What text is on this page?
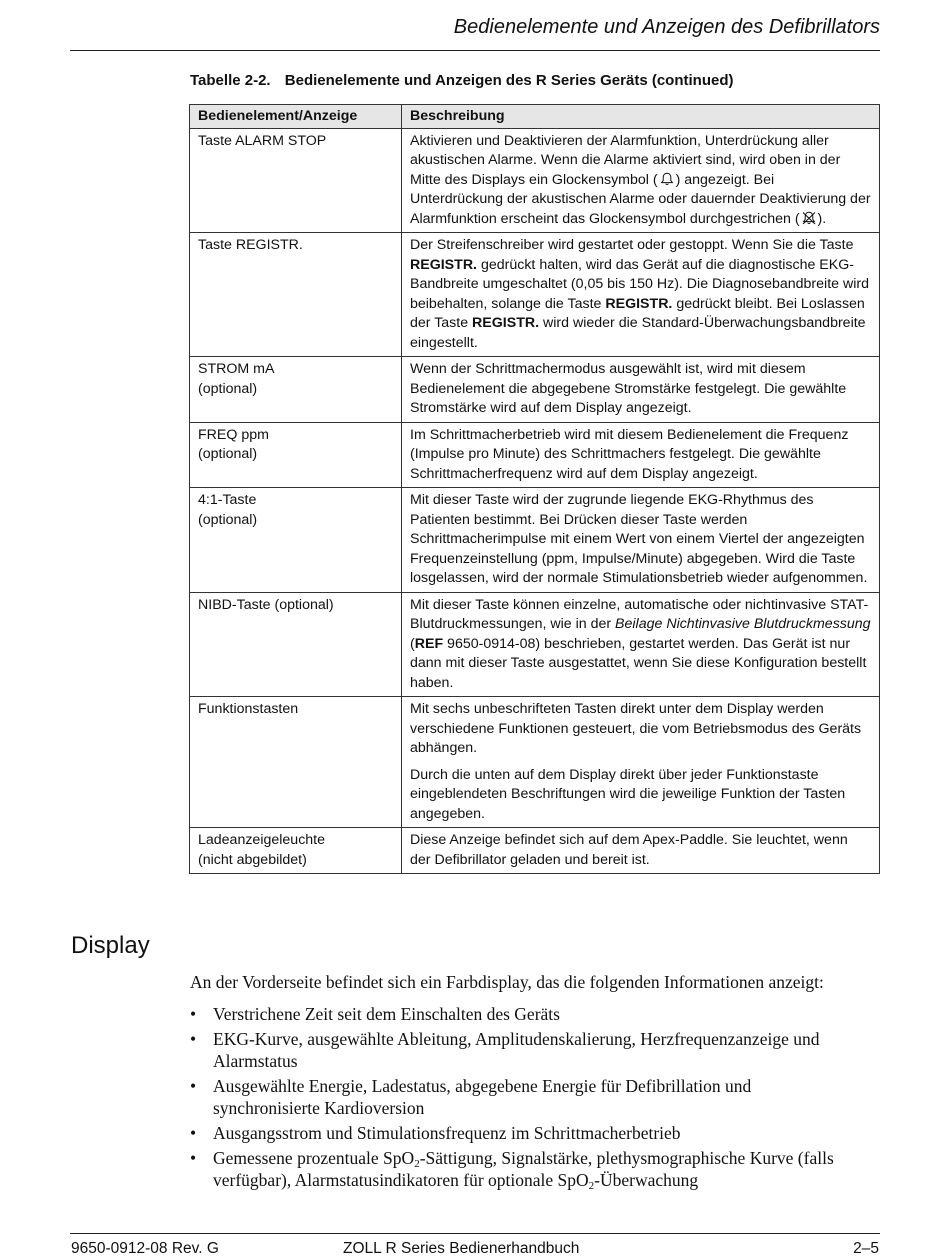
Bedienelemente und Anzeigen des Defibrillators
Tabelle 2-2. Bedienelemente und Anzeigen des R Series Geräts (continued)
Bedienelement/Anzeige	Beschreibung
Taste ALARM STOP	Aktivieren und Deaktivieren der Alarmfunktion, Unterdrückung aller akustischen Alarme. Wenn die Alarme aktiviert sind, wird oben in der Mitte des Displays ein Glockensymbol ( ) angezeigt. Bei Unterdrückung der akustischen Alarme oder dauernder Deaktivierung der Alarmfunktion erscheint das Glockensymbol durchgestrichen ( ).
Taste REGISTR.	Der Streifenschreiber wird gestartet oder gestoppt. Wenn Sie die Taste REGISTR. gedrückt halten, wird das Gerät auf die diagnostische EKG-Bandbreite umgeschaltet (0,05 bis 150 Hz). Die Diagnosebandbreite wird beibehalten, solange die Taste REGISTR. gedrückt bleibt. Bei Loslassen der Taste REGISTR. wird wieder die Standard-Überwachungsbandbreite eingestellt.
STROM mA
(optional)	Wenn der Schrittmachermodus ausgewählt ist, wird mit diesem Bedienelement die abgegebene Stromstärke festgelegt. Die gewählte Stromstärke wird auf dem Display angezeigt.
FREQ ppm
(optional)	Im Schrittmacherbetrieb wird mit diesem Bedienelement die Frequenz (Impulse pro Minute) des Schrittmachers festgelegt. Die gewählte Schrittmacherfrequenz wird auf dem Display angezeigt.
4:1-Taste
(optional)	Mit dieser Taste wird der zugrunde liegende EKG-Rhythmus des Patienten bestimmt. Bei Drücken dieser Taste werden Schrittmacherimpulse mit einem Wert von einem Viertel der angezeigten Frequenzeinstellung (ppm, Impulse/Minute) abgegeben. Wird die Taste losgelassen, wird der normale Stimulationsbetrieb wieder aufgenommen.
NIBD-Taste (optional)	Mit dieser Taste können einzelne, automatische oder nichtinvasive STAT-Blutdruckmessungen, wie in der Beilage Nichtinvasive Blutdruckmessung (REF 9650-0914-08) beschrieben, gestartet werden. Das Gerät ist nur dann mit dieser Taste ausgestattet, wenn Sie diese Konfiguration bestellt haben.
Funktionstasten	Mit sechs unbeschrifteten Tasten direkt unter dem Display werden verschiedene Funktionen gesteuert, die vom Betriebsmodus des Geräts abhängen.

Durch die unten auf dem Display direkt über jeder Funktionstaste eingeblendeten Beschriftungen wird die jeweilige Funktion der Tasten angegeben.

Ladeanzeigeleuchte
(nicht abgebildet)	Diese Anzeige befindet sich auf dem Apex-Paddle. Sie leuchtet, wenn der Defibrillator geladen und bereit ist.
Display
An der Vorderseite befindet sich ein Farbdisplay, das die folgenden Informationen anzeigt:
• Verstrichene Zeit seit dem Einschalten des Geräts
• EKG-Kurve, ausgewählte Ableitung, Amplitudenskalierung, Herzfrequenzanzeige und Alarmstatus
• Ausgewählte Energie, Ladestatus, abgegebene Energie für Defibrillation und synchronisierte Kardioversion
• Ausgangsstrom und Stimulationsfrequenz im Schrittmacherbetrieb
• Gemessene prozentuale SpO$_2$-Sättigung, Signalstärke, plethysmographische Kurve (falls verfügbar), Alarmstatusindikatoren für optionale SpO$_2$-Überwachung
9650-0912-08 Rev. G	ZOLL R Series Bedienerhandbuch	2–5
